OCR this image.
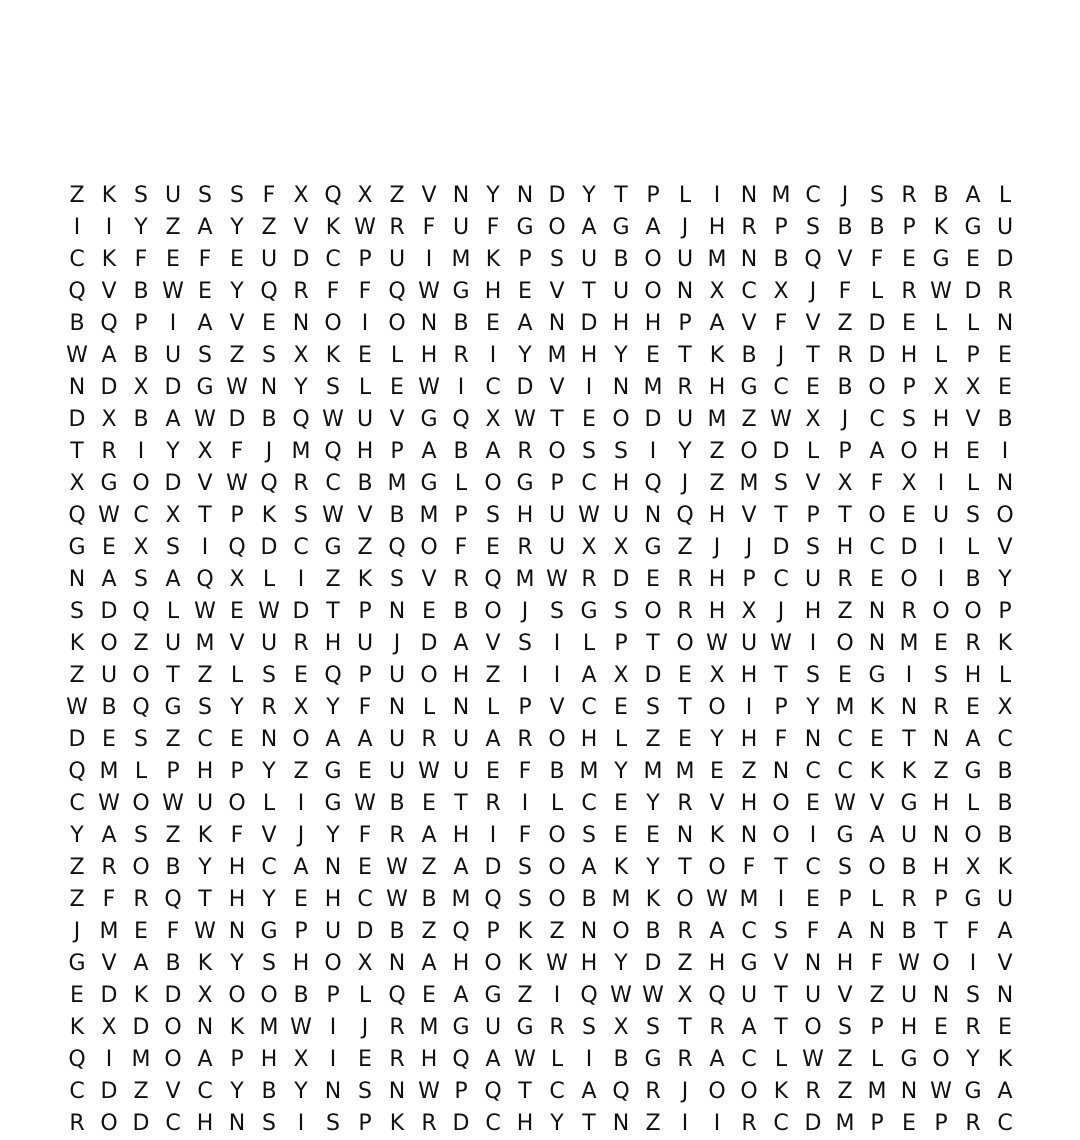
Z K S U S S F X Q X Z V N Y N D Y T P L	I N M C J S R B A L
I	I	Y Z A Y Z V K W R F U F G O A G A J H R P S B B P K G U
C K F E F E U D C P U I M K P S U B O U M N B Q V F E G E D
Q V B W E Y Q R F F Q W G H E V T U O N X C X J	F L R W D R
B Q P	I A V E N O I O N B E A N D H H P A V F V Z D E L L N
W A B U S Z S X K E L H R I	Y M H Y E T K B J	T R D H L P E
N D X D G W N Y S L E W I C D V I N M R H G C E B O P X X E
D X B A W D B Q W U V G Q X W T E O D U M Z W X J C S H V B
T R I	Y X F	J M Q H P A B A R O S S I	Y Z O D L P A O H E I
X G O D V W Q R C B M G L O G P C H Q J Z M S V X F X I	L N
Q W C X T P K S W V B M P S H U W U N Q H V T P T O E U S O
G E X S I Q D C G Z Q O F E R U X X G Z J	J D S H C D I	L V
N A S A Q X L	I Z K S V R Q M W R D E R H P C U R E O I B Y
S D Q L W E W D T P N E B O J S G S O R H X J H Z N R O O P
K O Z U M V U R H U J D A V S I	L P T O W U W I O N M E R K
Z U O T Z L S E Q P U O H Z I	I A X D E X H T S E G I S H L
W B Q G S Y R X Y F N L N L P V C E S T O I	P Y M K N R E X
D E S Z C E N O A A U R U A R O H L Z E Y H F N C E T N A C
Q M L P H P Y Z G E U W U E F B M Y M M E Z N C C K K Z G B
C W O W U O L	I G W B E T R I	L C E Y R V H O E W V G H L B
Y A S Z K F V J	Y F R A H I	F O S E E N K N O I G A U N O B
Z R O B Y H C A N E W Z A D S O A K Y T O F T C S O B H X K
Z F R Q T H Y E H C W B M Q S O B M K O W M I E P L R P G U
J M E F W N G P U D B Z Q P K Z N O B R A C S F A N B T F A
G V A B K Y S H O X N A H O K W H Y D Z H G V N H F W O I V
E D K D X O O B P L Q E A G Z I Q W W X Q U T U V Z U N S N
K X D O N K M W I	J R M G U G R S X S T R A T O S P H E R E
Q I M O A P H X I E R H Q A W L	I B G R A C L W Z L G O Y K
C D Z V C Y B Y N S N W P Q T C A Q R J O O K R Z M N W G A
R O D C H N S I S P K R D C H Y T N Z I	I R C D M P E P R C
